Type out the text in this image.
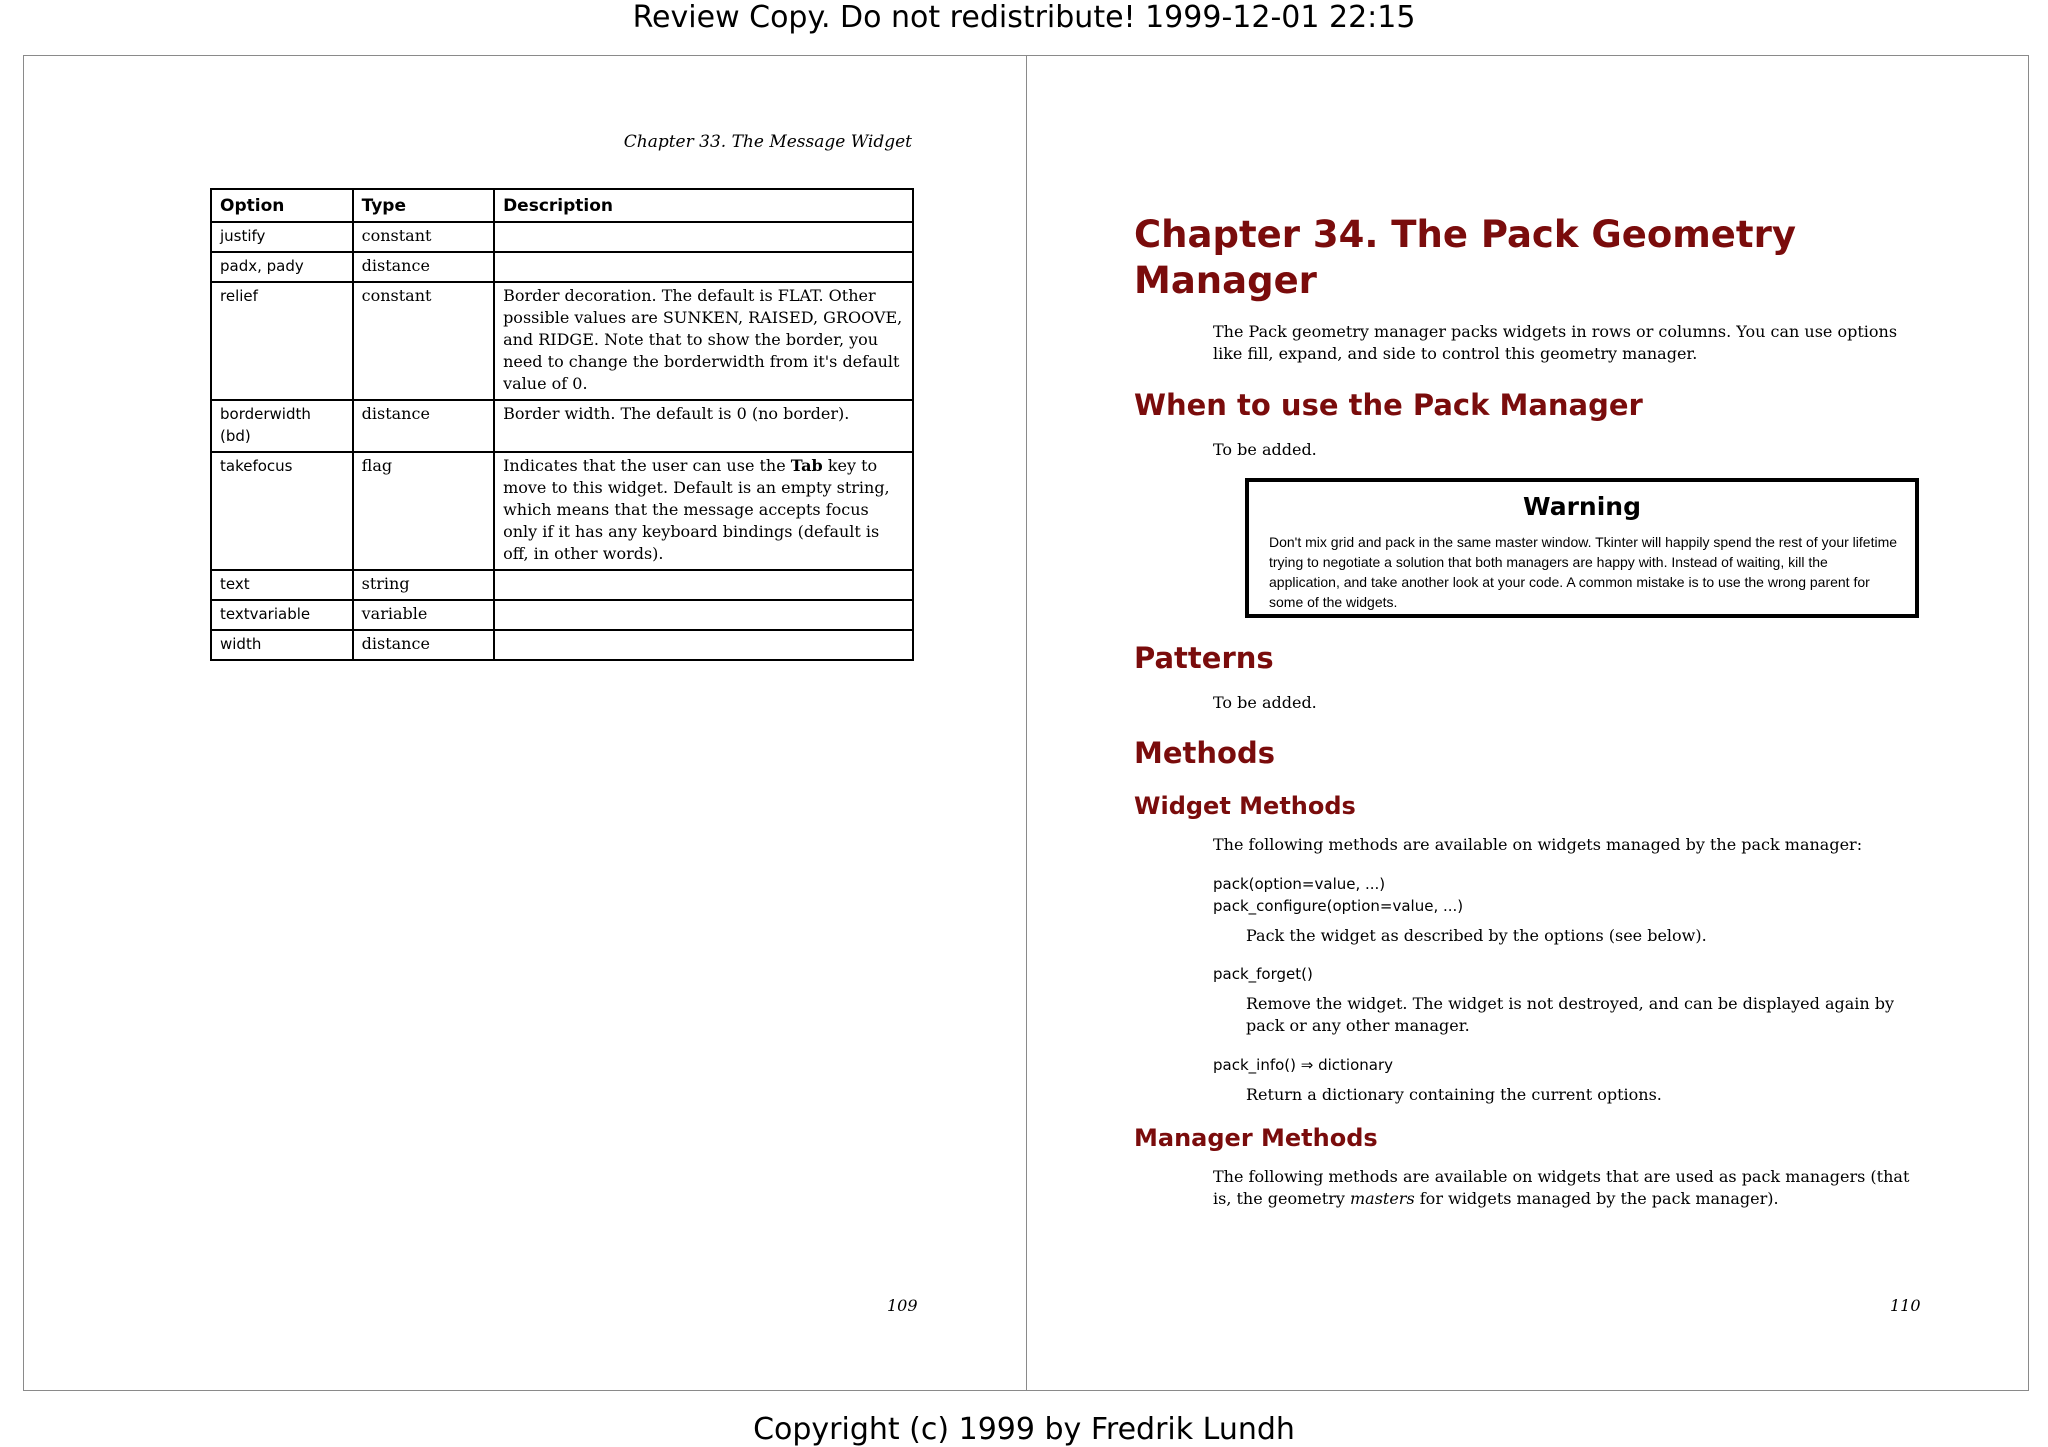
Review Copy. Do not redistribute! 1999-12-01 22:15
Chapter 33. The Message Widget
Option	Type	Description
justify	constant	
padx, pady	distance	
relief	constant	Border decoration. The default is FLAT. Other possible values are SUNKEN, RAISED, GROOVE, and RIDGE. Note that to show the border, you need to change the borderwidth from it's default value of 0.
borderwidth (bd)	distance	Border width. The default is 0 (no border).
takefocus	flag	Indicates that the user can use the Tab key to move to this widget. Default is an empty string, which means that the message accepts focus only if it has any keyboard bindings (default is off, in other words).
text	string	
textvariable	variable	
width	distance	
109
Chapter 34. The Pack Geometry
Manager
The Pack geometry manager packs widgets in rows or columns. You can use options like fill, expand, and side to control this geometry manager.
When to use the Pack Manager
To be added.
Warning
Don't mix grid and pack in the same master window. Tkinter will happily spend the rest of your lifetime trying to negotiate a solution that both managers are happy with. Instead of waiting, kill the application, and take another look at your code. A common mistake is to use the wrong parent for some of the widgets.
Patterns
To be added.
Methods
Widget Methods
The following methods are available on widgets managed by the pack manager:
pack(option=value, ...)
pack_configure(option=value, ...)
Pack the widget as described by the options (see below).
pack_forget()
Remove the widget. The widget is not destroyed, and can be displayed again by pack or any other manager.
pack_info() ⇒ dictionary
Return a dictionary containing the current options.
Manager Methods
The following methods are available on widgets that are used as pack managers (that is, the geometry masters for widgets managed by the pack manager).
110
Copyright (c) 1999 by Fredrik Lundh
